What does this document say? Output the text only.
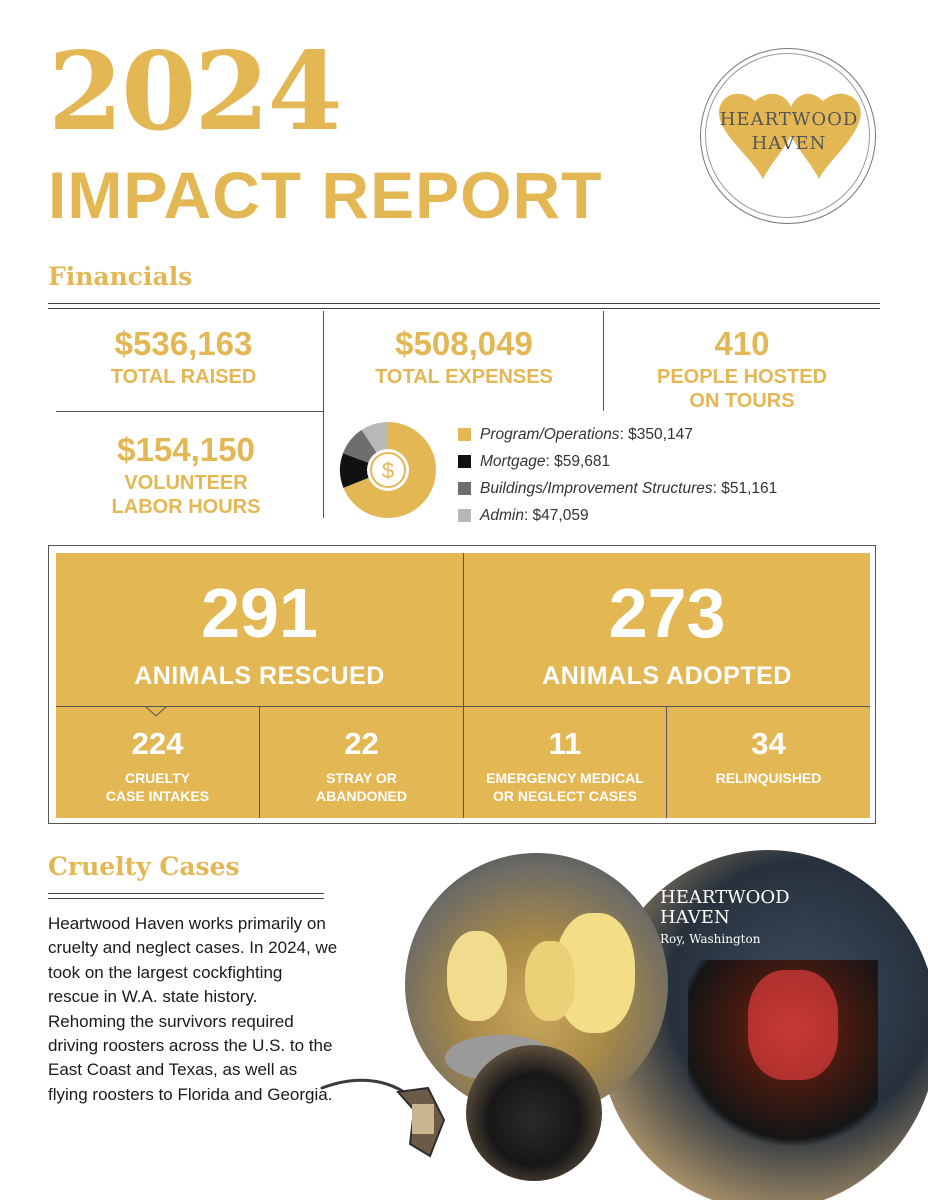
2024
IMPACT REPORT
HEARTWOOD
HAVEN
Financials
$536,163
TOTAL RAISED
$508,049
TOTAL EXPENSES
410
PEOPLE HOSTED
ON TOURS
$154,150
VOLUNTEER
LABOR HOURS
$
Program/Operations : $350,147
Mortgage : $59,681
Buildings/Improvement Structures : $51,161
Admin : $47,059
291
ANIMALS RESCUED
273
ANIMALS ADOPTED
224
CRUELTY
CASE INTAKES
22
STRAY OR
ABANDONED
11
EMERGENCY MEDICAL
OR NEGLECT CASES
34
RELINQUISHED
Cruelty Cases
Heartwood Haven works primarily on cruelty and neglect cases. In 2024, we took on the largest cockfighting rescue in W.A. state history. Rehoming the survivors required driving roosters across the U.S. to the East Coast and Texas, as well as flying roosters to Florida and Georgia.
HEARTWOOD
HAVEN
Roy, Washington
